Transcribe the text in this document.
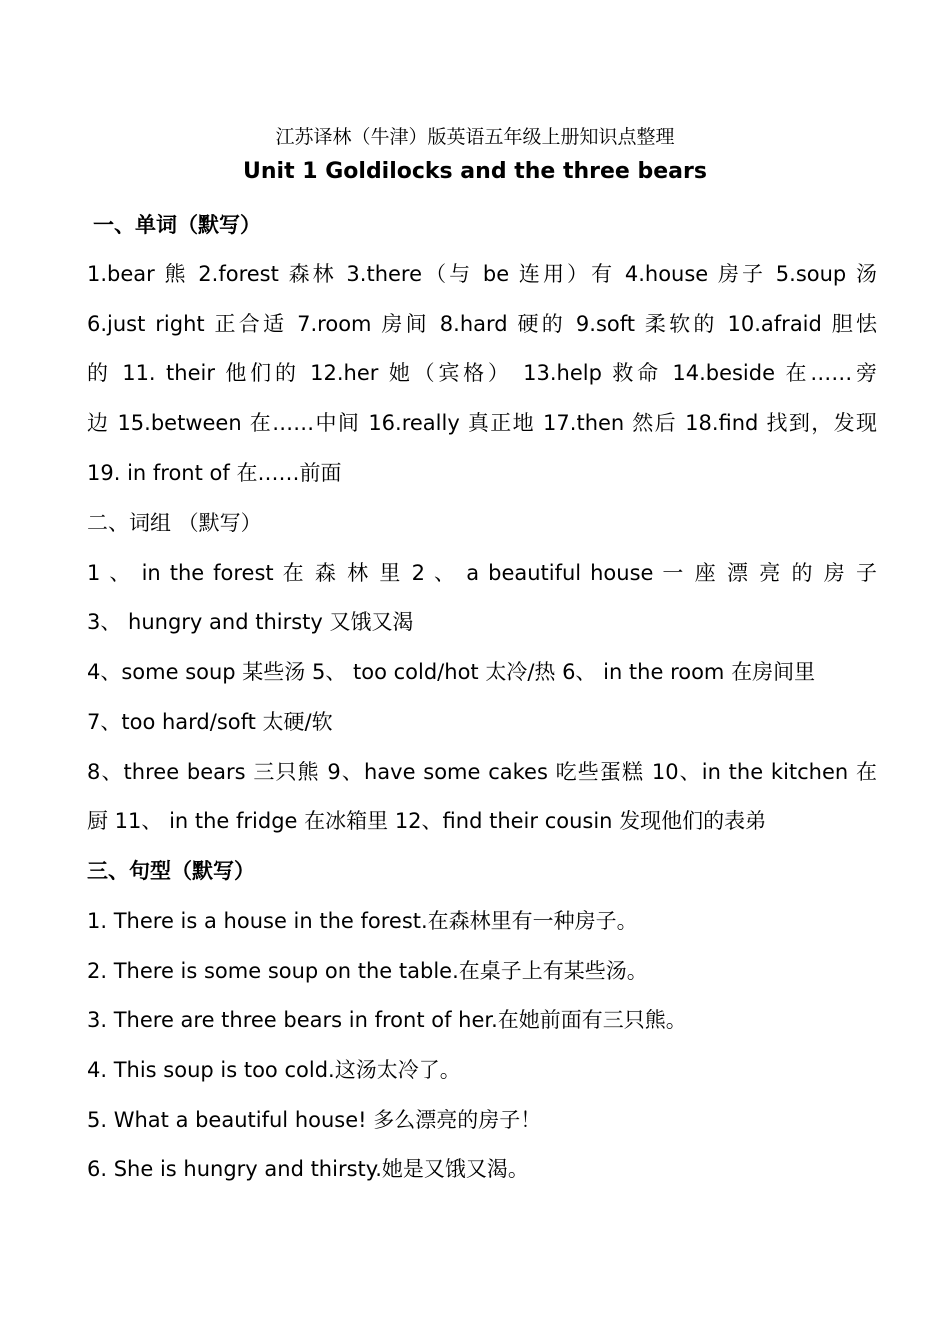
江苏译林（牛津）版英语五年级上册知识点整理
Unit 1 Goldilocks and the three bears
一、单词（默写）
1.bear 熊 2.forest 森林 3.there（与 be 连用）有 4.house 房子 5.soup 汤
6.just right 正合适 7.room 房间 8.hard 硬的 9.soft 柔软的 10.afraid 胆怯
的 11. their 他们的 12.her 她（宾格） 13.help 救命 14.beside 在……旁
边 15.between 在……中间 16.really 真正地 17.then 然后 18.find 找到，发现
19. in front of 在……前面
二、词组 （默写）
1 、 in the forest 在 森 林 里 2 、 a beautiful house 一 座 漂 亮 的 房 子
3、 hungry and thirsty 又饿又渴
4、some soup 某些汤 5、 too cold/hot 太冷/热 6、 in the room 在房间里
7、too hard/soft 太硬/软
8、three bears 三只熊 9、have some cakes 吃些蛋糕 10、in the kitchen 在
厨 11、 in the fridge 在冰箱里 12、find their cousin 发现他们的表弟
三、句型（默写）
1. There is a house in the forest.在森林里有一种房子。
2. There is some soup on the table.在桌子上有某些汤。
3. There are three bears in front of her.在她前面有三只熊。
4. This soup is too cold.这汤太冷了。
5. What a beautiful house! 多么漂亮的房子！
6. She is hungry and thirsty.她是又饿又渴。
